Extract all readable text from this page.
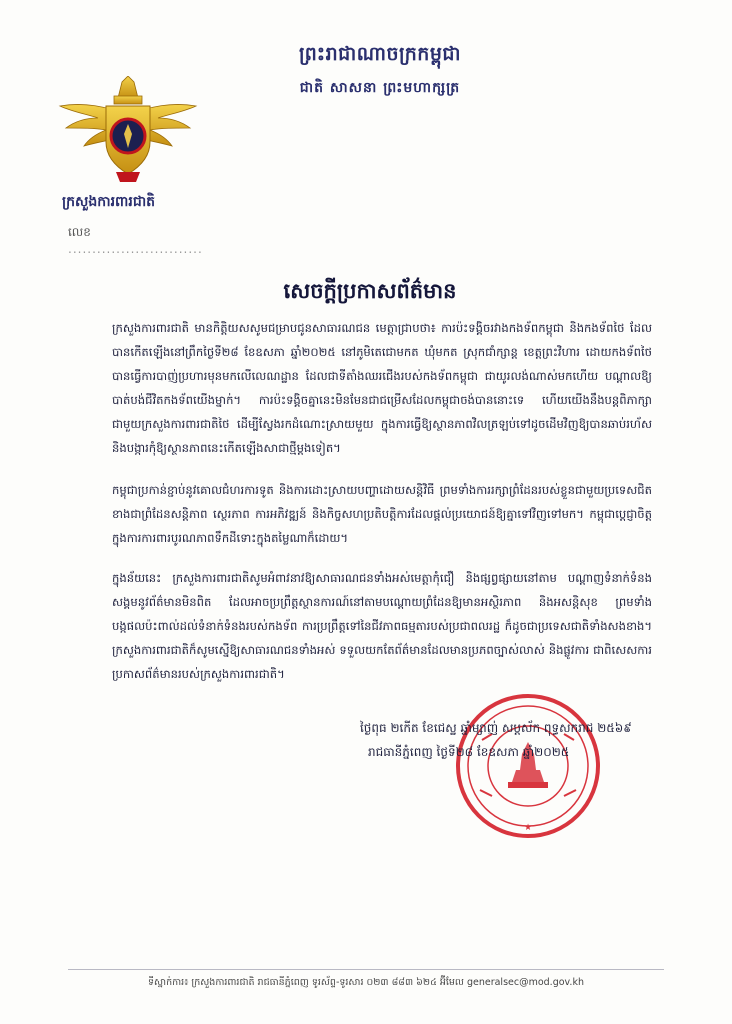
ព្រះរាជាណាចក្រកម្ពុជា
ជាតិ សាសនា ព្រះមហាក្សត្រ
ក្រសួងការពារជាតិ
លេខ ............................
សេចក្តីប្រកាសព័ត៌មាន

ក្រសួងការពារជាតិ មានកិត្តិយសសូមជម្រាបជូនសាធារណជន មេត្តាជ្រាបថា៖ ការប៉ះទង្គិចរវាងកងទ័ពកម្ពុជា និងកងទ័ពថៃ ដែលបានកើតឡើងនៅព្រឹកថ្ងៃទី២៨ ខែឧសភា ឆ្នាំ២០២៥ នៅភូមិតេជោមកត ឃុំមកត ស្រុកជាំក្សាន្ត ខេត្តព្រះវិហារ ដោយកងទ័ពថៃបានធ្វើការបាញ់ប្រហារមុនមកលើលេណដ្ឋាន ដែលជាទីតាំងឈរជើងរបស់កងទ័ពកម្ពុជា ជាយូរលង់ណាស់មកហើយ បណ្តាលឱ្យបាត់បង់ជីវិតកងទ័ពយើងម្នាក់។ ការប៉ះទង្គិចគ្នានេះមិនមែនជាជម្រើសដែលកម្ពុជាចង់បាននោះទេ ហើយយើងនឹងបន្តពិភាក្សាជាមួយក្រសួងការពារជាតិថៃ ដើម្បីស្វែងរកដំណោះស្រាយមួយ ក្នុងការធ្វើឱ្យស្ថានភាពវិលត្រឡប់ទៅដូចដើមវិញឱ្យបានឆាប់រហ័ស និងបង្ការកុំឱ្យស្ថានភាពនេះកើតឡើងសាជាថ្មីម្តងទៀត។

កម្ពុជាប្រកាន់ខ្ជាប់នូវគោលជំហរការទូត និងការដោះស្រាយបញ្ហាដោយសន្តិវិធី ព្រមទាំងការរក្សាព្រំដែនរបស់ខ្លួនជាមួយប្រទេសជិតខាងជាព្រំដែនសន្តិភាព ស្ថេរភាព ការអភិវឌ្ឍន៍ និងកិច្ចសហប្រតិបត្តិការដែលផ្តល់ប្រយោជន៍ឱ្យគ្នាទៅវិញទៅមក។ កម្ពុជាប្តេជ្ញាចិត្តក្នុងការការពារបូរណភាពទឹកដីទោះក្នុងតម្លៃណាក៏ដោយ។

ក្នុងន័យនេះ ក្រសួងការពារជាតិសូមអំពាវនាវឱ្យសាធារណជនទាំងអស់មេត្តាកុំជឿ និងផ្សព្វផ្សាយនៅតាម បណ្តាញទំនាក់ទំនងសង្គមនូវព័ត៌មានមិនពិត ដែលអាចប្រព្រឹត្តស្ថានការណ៍នៅតាមបណ្តោយព្រំដែនឱ្យមានអស្ថិរភាព និងអសន្តិសុខ ព្រមទាំងបង្កផលប៉ះពាល់ដល់ទំនាក់ទំនងរបស់កងទ័ព ការប្រព្រឹត្តទៅនៃជីវភាពធម្មតារបស់ប្រជាពលរដ្ឋ ក៏ដូចជាប្រទេសជាតិទាំងសងខាង។ ក្រសួងការពារជាតិក៏សូមស្នើឱ្យសាធារណជនទាំងអស់ ទទួលយកតែព័ត៌មានដែលមានប្រភពច្បាស់លាស់ និងផ្លូវការ ជាពិសេសការប្រកាសព័ត៌មានរបស់ក្រសួងការពារជាតិ។

★
ថ្ងៃពុធ ២កើត ខែជេស្ឋ ឆ្នាំម្សាញ់ សប្តស័ក ពុទ្ធសករាជ ២៥៦៩
រាជធានីភ្នំពេញ ថ្ងៃទី២៨ ខែឧសភា ឆ្នាំ២០២៥
ទីស្នាក់ការ៖ ក្រសួងការពារជាតិ រាជធានីភ្នំពេញ ទូរស័ព្ទ-ទូរសារ ០២៣ ៨៨៣ ៦២៤ អ៊ីមែល generalsec@mod.gov.kh
